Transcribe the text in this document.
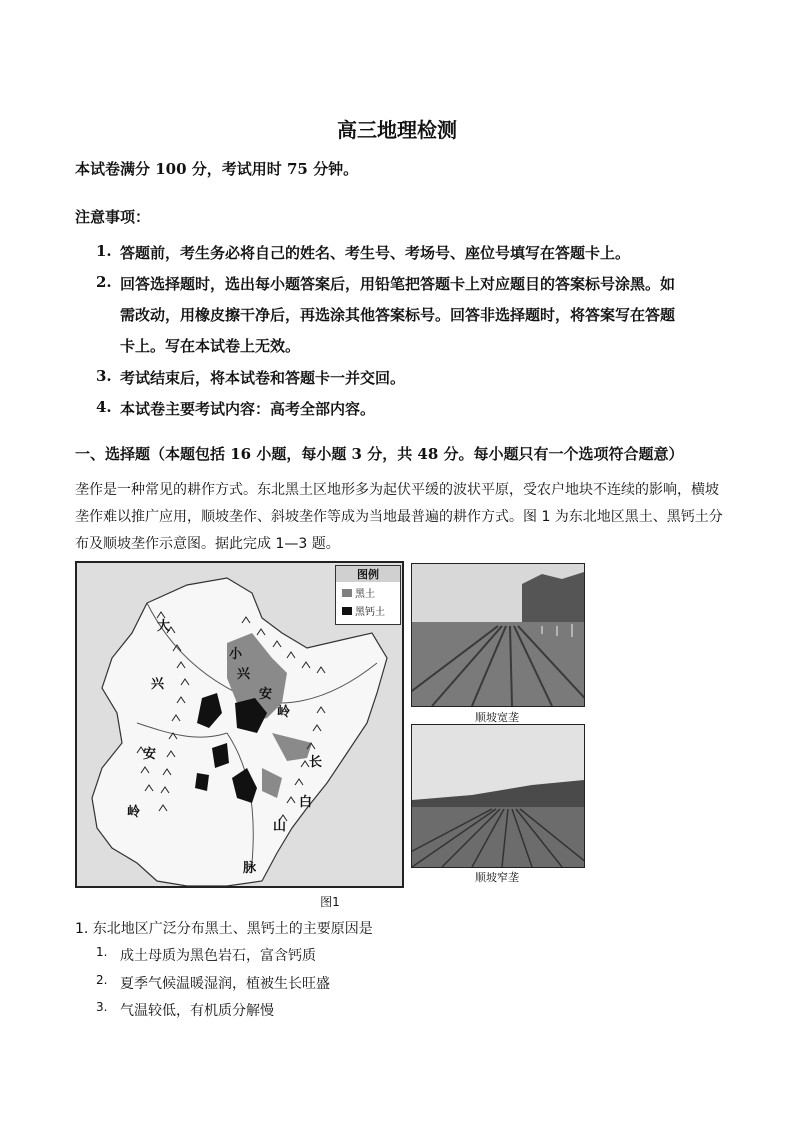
高三地理检测
本试卷满分 100 分，考试用时 75 分钟。
注意事项：
1. 答题前，考生务必将自己的姓名、考生号、考场号、座位号填写在答题卡上。
2. 回答选择题时，选出每小题答案后，用铅笔把答题卡上对应题目的答案标号涂黑。如
需改动，用橡皮擦干净后，再选涂其他答案标号。回答非选择题时，将答案写在答题
卡上。写在本试卷上无效。
3. 考试结束后，将本试卷和答题卡一并交回。
4. 本试卷主要考试内容：高考全部内容。
一、选择题（本题包括 16 小题，每小题 3 分，共 48 分。每小题只有一个选项符合题意）
垄作是一种常见的耕作方式。东北黑土区地形多为起伏平缓的波状平原，受农户地块不连续的影响，横坡
垄作难以推广应用，顺坡垄作、斜坡垄作等成为当地最普遍的耕作方式。图 1 为东北地区黑土、黑钙土分
布及顺坡垄作示意图。据此完成 1—3 题。
图例
黑土
黑钙土
大
兴
安
岭
小
兴
安
岭
长
白
山
脉
顺坡宽垄
顺坡窄垄
图1
1. 东北地区广泛分布黑土、黑钙土的主要原因是
1. 成土母质为黑色岩石，富含钙质
2. 夏季气候温暖湿润，植被生长旺盛
3. 气温较低，有机质分解慢
